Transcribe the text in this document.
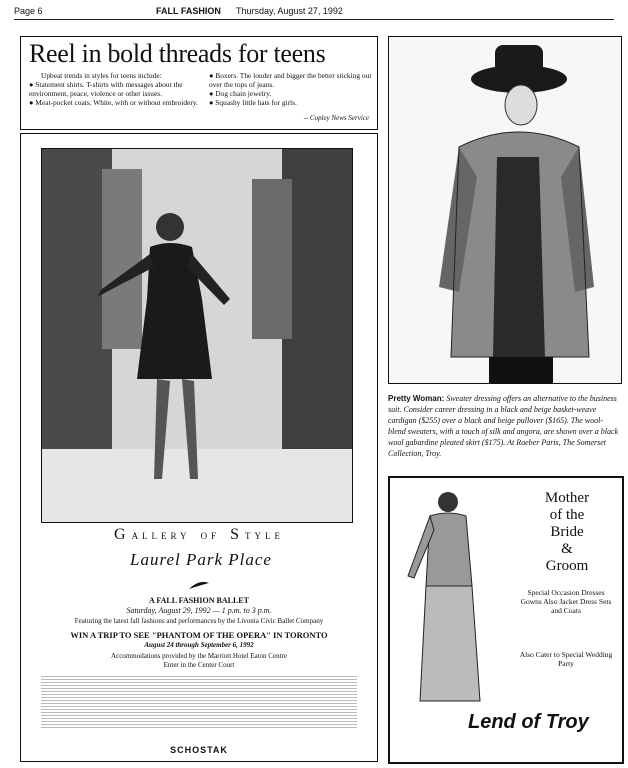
Page 6	FALL FASHION Thursday, August 27, 1992
Reel in bold threads for teens
Upbeat trends in styles for teens include:
● Statement shirts. T-shirts with messages about the environment, peace, violence or other issues.
● Meat-pocket coats. White, with or without embroidery.
● Boxers. The louder and bigger the better sticking out over the tops of jeans.
● Dog chain jewelry.
● Squashy little hats for girls.
-- Copley News Service
GALLERY OF STYLE
Laurel Park Place
A FALL FASHION BALLET
Saturday, August 29, 1992 — 1 p.m. to 3 p.m.
Featuring the latest fall fashions and performances by the Livonia Civic Ballet Company
WIN A TRIP TO SEE "PHANTOM OF THE OPERA" IN TORONTO
August 24 through September 6, 1992
Accommodations provided by the Marriott Hotel Eaton Centre
Enter in the Center Court
SCHOSTAK
Pretty Woman: Sweater dressing offers an alternative to the business suit. Consider career dressing in a black and beige basket-weave cardigan ($255) over a black and beige pullover ($165). The wool-blend sweaters, with a touch of silk and angora, are shown over a black wool gabardine pleated skirt ($175). At Roeber Paris, The Somerset Collection, Troy.
Mother
of the
Bride
&
Groom
Special Occasion Dresses Gowns Also Jacket Dress Sets and Coats
Also Cater to Special Wedding Party
Lend of Troy
